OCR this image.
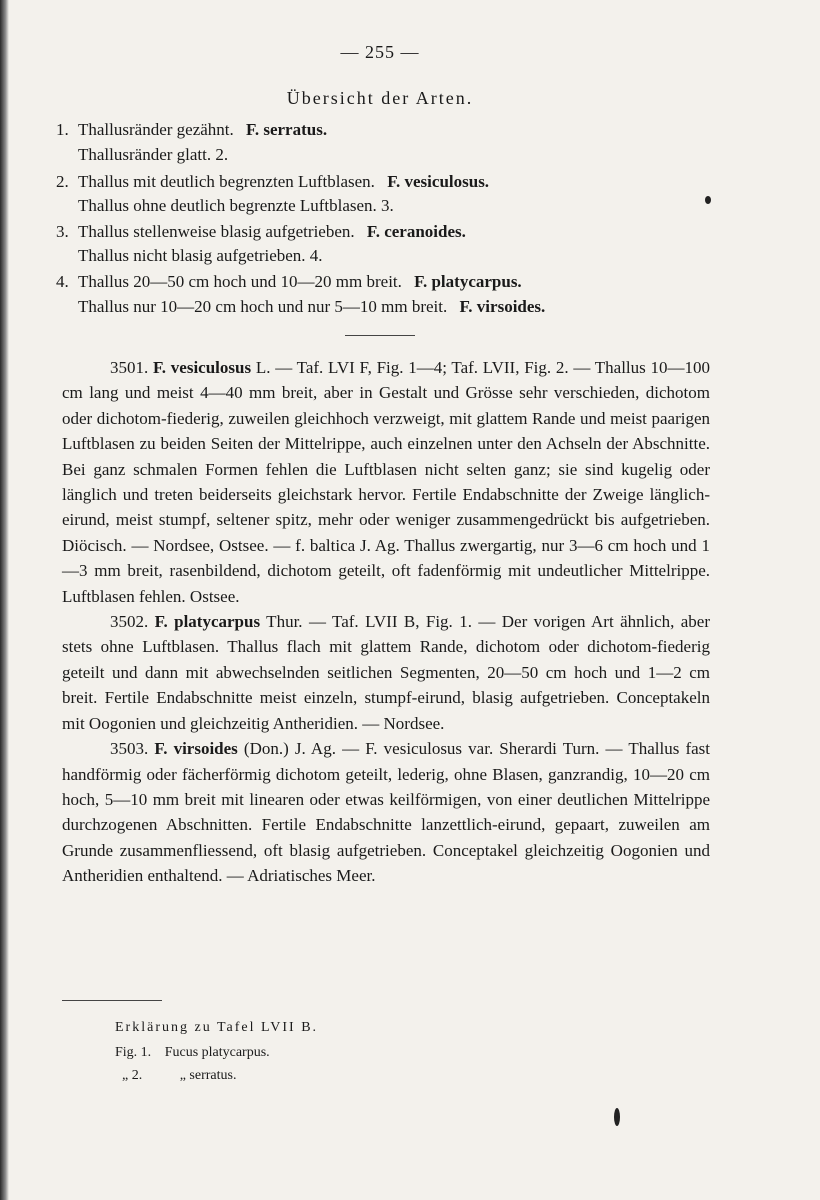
— 255 —
Übersicht der Arten.
1. Thallusränder gezähnt. F. serratus.
Thallusränder glatt. 2.
2. Thallus mit deutlich begrenzten Luftblasen. F. vesiculosus.
Thallus ohne deutlich begrenzte Luftblasen. 3.
3. Thallus stellenweise blasig aufgetrieben. F. ceranoides.
Thallus nicht blasig aufgetrieben. 4.
4. Thallus 20—50 cm hoch und 10—20 mm breit. F. platycarpus.
Thallus nur 10—20 cm hoch und nur 5—10 mm breit. F. virsoides.

3501. F. vesiculosus L. — Taf. LVI F, Fig. 1—4; Taf. LVII, Fig. 2. — Thallus 10—100 cm lang und meist 4—40 mm breit, aber in Gestalt und Grösse sehr verschieden, dichotom oder dichotom-fiederig, zuweilen gleichhoch verzweigt, mit glattem Rande und meist paarigen Luftblasen zu beiden Seiten der Mittelrippe, auch einzelnen unter den Achseln der Abschnitte. Bei ganz schmalen Formen fehlen die Luftblasen nicht selten ganz; sie sind kugelig oder länglich und treten beiderseits gleichstark hervor. Fertile Endabschnitte der Zweige länglich-eirund, meist stumpf, seltener spitz, mehr oder weniger zusammengedrückt bis aufgetrieben. Diöcisch. — Nordsee, Ostsee. — f. baltica J. Ag. Thallus zwergartig, nur 3—6 cm hoch und 1—3 mm breit, rasenbildend, dichotom geteilt, oft fadenförmig mit undeutlicher Mittelrippe. Luftblasen fehlen. Ostsee.

3502. F. platycarpus Thur. — Taf. LVII B, Fig. 1. — Der vorigen Art ähnlich, aber stets ohne Luftblasen. Thallus flach mit glattem Rande, dichotom oder dichotom-fiederig geteilt und dann mit abwechselnden seitlichen Segmenten, 20—50 cm hoch und 1—2 cm breit. Fertile Endabschnitte meist einzeln, stumpf-eirund, blasig aufgetrieben. Conceptakeln mit Oogonien und gleichzeitig Antheridien. — Nordsee.

3503. F. virsoides (Don.) J. Ag. — F. vesiculosus var. Sherardi Turn. — Thallus fast handförmig oder fächerförmig dichotom geteilt, lederig, ohne Blasen, ganzrandig, 10—20 cm hoch, 5—10 mm breit mit linearen oder etwas keilförmigen, von einer deutlichen Mittelrippe durchzogenen Abschnitten. Fertile Endabschnitte lanzettlich-eirund, gepaart, zuweilen am Grunde zusammenfliessend, oft blasig aufgetrieben. Conceptakel gleichzeitig Oogonien und Antheridien enthaltend. — Adriatisches Meer.

Erklärung zu Tafel LVII B.
Fig. 1. Fucus platycarpus.
„ 2.	„ serratus.
